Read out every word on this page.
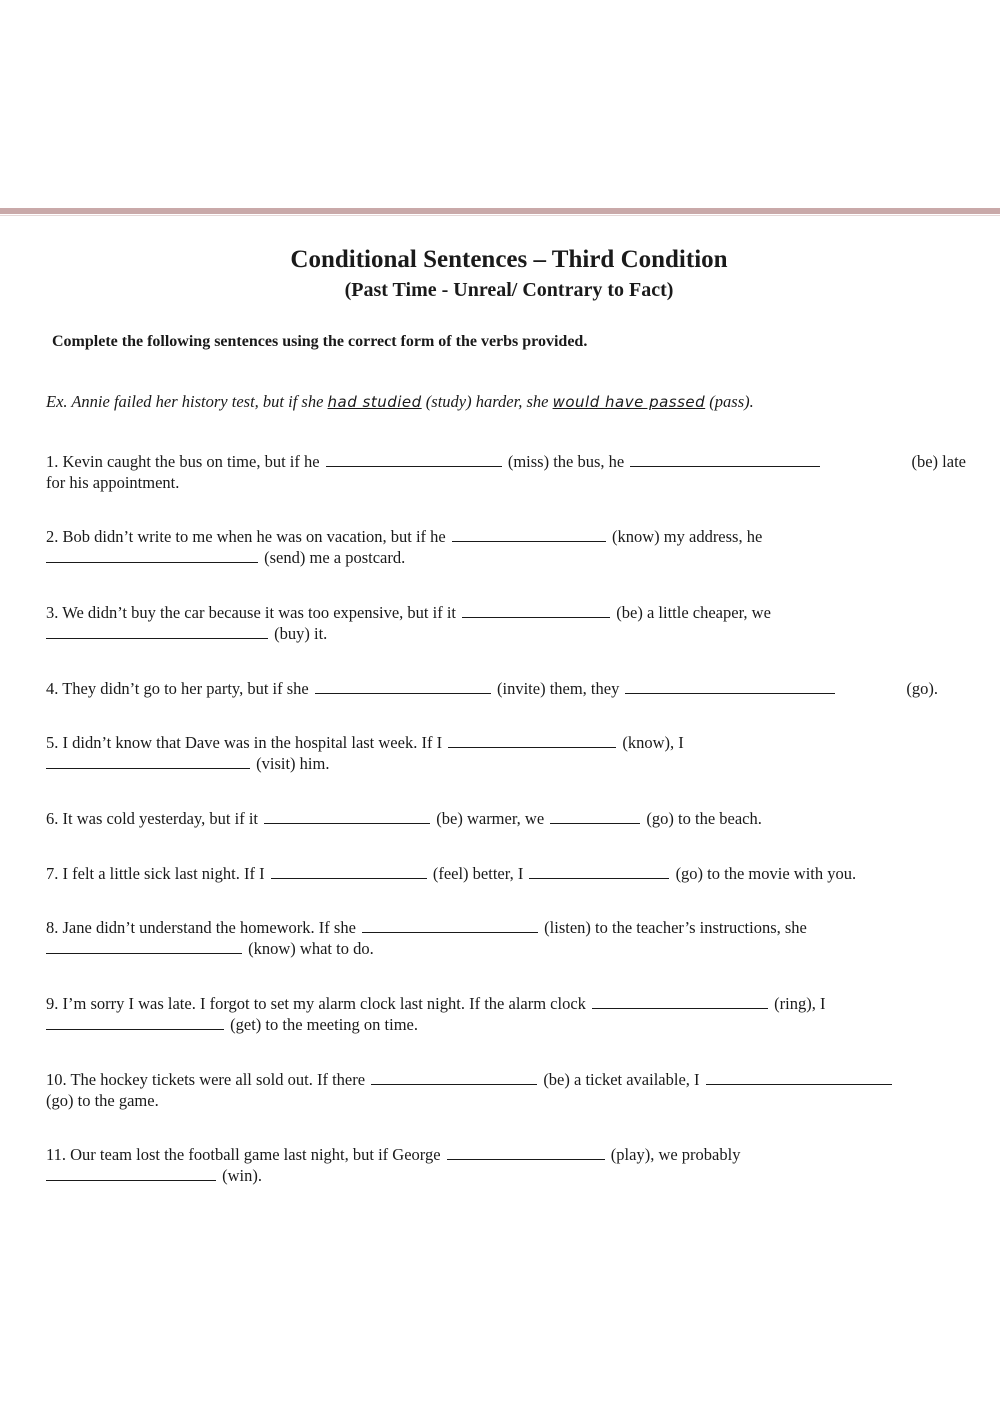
Conditional Sentences – Third Condition
(Past Time - Unreal/ Contrary to Fact)

Complete the following sentences using the correct form of the verbs provided.

Ex. Annie failed her history test, but if she had studied (study) harder, she would have passed (pass).

1. Kevin caught the bus on time, but if he	(miss) the bus, he	(be) late
for his appointment.
2. Bob didn’t write to me when he was on vacation, but if he	(know) my address, he
(send) me a postcard.
3. We didn’t buy the car because it was too expensive, but if it	(be) a little cheaper, we
(buy) it.
4. They didn’t go to her party, but if she	(invite) them, they	(go).
5. I didn’t know that Dave was in the hospital last week. If I	(know), I
(visit) him.
6. It was cold yesterday, but if it	(be) warmer, we	(go) to the beach.
7. I felt a little sick last night. If I	(feel) better, I	(go) to the movie with you.
8. Jane didn’t understand the homework. If she	(listen) to the teacher’s instructions, she
(know) what to do.
9. I’m sorry I was late. I forgot to set my alarm clock last night. If the alarm clock	(ring), I
(get) to the meeting on time.
10. The hockey tickets were all sold out. If there	(be) a ticket available, I
(go) to the game.
11. Our team lost the football game last night, but if George	(play), we probably
(win).
